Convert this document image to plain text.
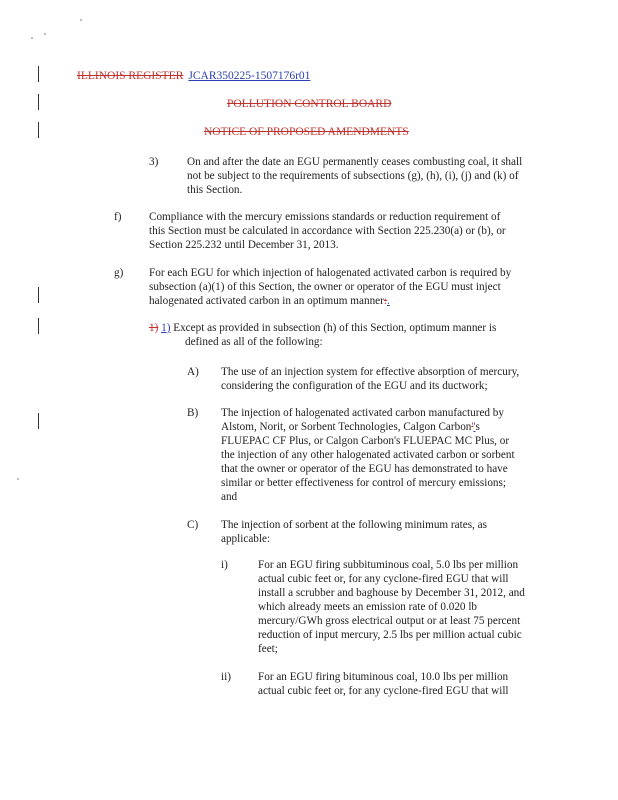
ILLINOIS REGISTER JCAR350225-1507176r01
POLLUTION CONTROL BOARD
NOTICE OF PROPOSED AMENDMENTS
3)	On and after the date an EGU permanently ceases combusting coal, it shall
not be subject to the requirements of subsections (g), (h), (i), (j) and (k) of
this Section.
f) Compliance with the mercury emissions standards or reduction requirement of
this Section must be calculated in accordance with Section 225.230(a) or (b), or
Section 225.232 until December 31, 2013.
g) For each EGU for which injection of halogenated activated carbon is required by
subsection (a)(1) of this Section, the owner or operator of the EGU must inject
halogenated activated carbon in an optimum manner:.
1) 1) Except as provided in subsection (h) of this Section, optimum manner is
defined as all of the following:
A) The use of an injection system for effective absorption of mercury,
considering the configuration of the EGU and its ductwork;
B) The injection of halogenated activated carbon manufactured by
Alstom, Norit, or Sorbent Technologies, Calgon Carbon''s
FLUEPAC CF Plus, or Calgon Carbon's FLUEPAC MC Plus, or
the injection of any other halogenated activated carbon or sorbent
that the owner or operator of the EGU has demonstrated to have
similar or better effectiveness for control of mercury emissions;
and
C) The injection of sorbent at the following minimum rates, as
applicable:
i)	For an EGU firing subbituminous coal, 5.0 lbs per million
actual cubic feet or, for any cyclone-fired EGU that will
install a scrubber and baghouse by December 31, 2012, and
which already meets an emission rate of 0.020 lb
mercury/GWh gross electrical output or at least 75 percent
reduction of input mercury, 2.5 lbs per million actual cubic
feet;
ii) For an EGU firing bituminous coal, 10.0 lbs per million
actual cubic feet or, for any cyclone-fired EGU that will
